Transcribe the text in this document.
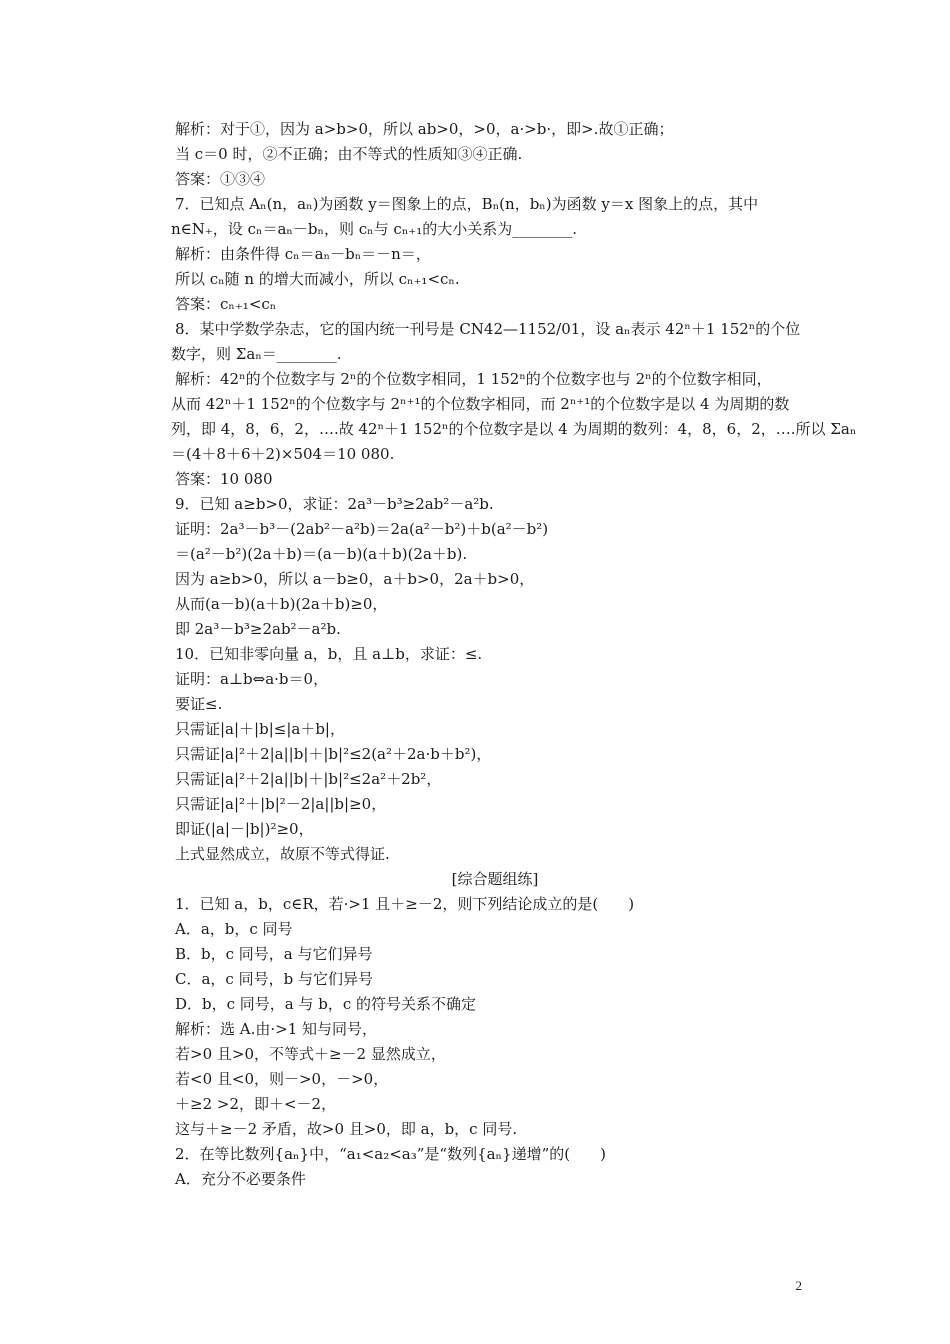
解析：对于①，因为 a>b>0，所以 ab>0，>0，a·>b·，即>.故①正确；
当 c＝0 时，②不正确；由不等式的性质知③④正确.
答案：①③④
7．已知点 Aₙ(n，aₙ)为函数 y＝图象上的点，Bₙ(n，bₙ)为函数 y＝x 图象上的点，其中
n∈N₊，设 cₙ＝aₙ－bₙ，则 cₙ与 cₙ₊₁的大小关系为________.
解析：由条件得 cₙ＝aₙ－bₙ＝－n＝，
所以 cₙ随 n 的增大而减小，所以 cₙ₊₁<cₙ.
答案：cₙ₊₁<cₙ
8．某中学数学杂志，它的国内统一刊号是 CN42—1152/01，设 aₙ表示 42ⁿ＋1 152ⁿ的个位
数字，则 Σaₙ＝________.
解析：42ⁿ的个位数字与 2ⁿ的个位数字相同，1 152ⁿ的个位数字也与 2ⁿ的个位数字相同，
从而 42ⁿ＋1 152ⁿ的个位数字与 2ⁿ⁺¹的个位数字相同，而 2ⁿ⁺¹的个位数字是以 4 为周期的数
列，即 4，8，6，2，….故 42ⁿ＋1 152ⁿ的个位数字是以 4 为周期的数列：4，8，6，2，….所以 Σaₙ
＝(4＋8＋6＋2)×504＝10 080.
答案：10 080
9．已知 a≥b>0，求证：2a³－b³≥2ab²－a²b.
证明：2a³－b³－(2ab²－a²b)＝2a(a²－b²)＋b(a²－b²)
＝(a²－b²)(2a＋b)＝(a－b)(a＋b)(2a＋b).
因为 a≥b>0，所以 a－b≥0，a＋b>0，2a＋b>0，
从而(a－b)(a＋b)(2a＋b)≥0，
即 2a³－b³≥2ab²－a²b.
10．已知非零向量 a，b，且 a⊥b，求证：≤.
证明：a⊥b⇔a·b＝0，
要证≤.
只需证|a|＋|b|≤|a＋b|，
只需证|a|²＋2|a||b|＋|b|²≤2(a²＋2a·b＋b²)，
只需证|a|²＋2|a||b|＋|b|²≤2a²＋2b²，
只需证|a|²＋|b|²－2|a||b|≥0，
即证(|a|－|b|)²≥0，
上式显然成立，故原不等式得证.
[综合题组练]
1．已知 a，b，c∈R，若·>1 且＋≥－2，则下列结论成立的是(　　)
A．a，b，c 同号
B．b，c 同号，a 与它们异号
C．a，c 同号，b 与它们异号
D．b，c 同号，a 与 b，c 的符号关系不确定
解析：选 A.由·>1 知与同号，
若>0 且>0，不等式＋≥－2 显然成立，
若<0 且<0，则－>0，－>0，
＋≥2 >2，即＋<－2，
这与＋≥－2 矛盾，故>0 且>0，即 a，b，c 同号.
2．在等比数列{aₙ}中，“a₁<a₂<a₃”是“数列{aₙ}递增”的(　　)
A．充分不必要条件
2
